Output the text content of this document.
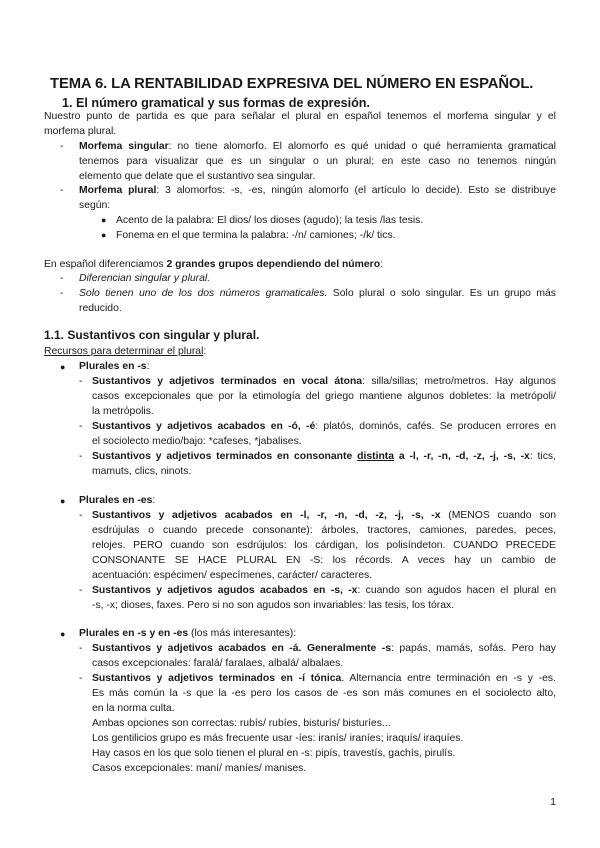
TEMA 6. LA RENTABILIDAD EXPRESIVA DEL NÚMERO EN ESPAÑOL.
1. El número gramatical y sus formas de expresión.
Nuestro punto de partida es que para señalar el plural en español tenemos el morfema singular y el
morfema plural.
- Morfema singular: no tiene alomorfo. El alomorfo es qué unidad o qué herramienta gramatical
tenemos para visualizar que es un singular o un plural; en este caso no tenemos ningún
elemento que delate que el sustantivo sea singular.
- Morfema plural: 3 alomorfos: -s, -es, ningún alomorfo (el artículo lo decide). Esto se distribuye
según:
● Acento de la palabra: El dios/ los dioses (agudo); la tesis /las tesis.
● Fonema en el que termina la palabra: -/n/ camiones; -/k/ tics.
En español diferenciamos 2 grandes grupos dependiendo del número:
- Diferencian singular y plural.
- Solo tienen uno de los dos números gramaticales. Solo plural o solo singular. Es un grupo más
reducido.
1.1. Sustantivos con singular y plural.
Recursos para determinar el plural:
● Plurales en -s:
- Sustantivos y adjetivos terminados en vocal átona: silla/sillas; metro/metros. Hay algunos
casos excepcionales que por la etimología del griego mantiene algunos dobletes: la metrópoli/
la metrópolis.
- Sustantivos y adjetivos acabados en -ó, -é: platós, dominós, cafés. Se producen errores en
el sociolecto medio/bajo: *cafeses, *jabalises.
- Sustantivos y adjetivos terminados en consonante distinta a -l, -r, -n, -d, -z, -j, -s, -x: tics,
mamuts, clics, ninots.
● Plurales en -es:
- Sustantivos y adjetivos acabados en -l, -r, -n, -d, -z, -j, -s, -x (MENOS cuando son
esdrújulas o cuando precede consonante): árboles, tractores, camiones, paredes, peces,
relojes. PERO cuando son esdrújulos: los cárdigan, los polisíndeton. CUANDO PRECEDE
CONSONANTE SE HACE PLURAL EN -S: los récords. A veces hay un cambio de
acentuación: espécimen/ especímenes, carácter/ caracteres.
- Sustantivos y adjetivos agudos acabados en -s, -x: cuando son agudos hacen el plural en
-s, -x; dioses, faxes. Pero si no son agudos son invariables: las tesis, los tórax.
● Plurales en -s y en -es (los más interesantes):
- Sustantivos y adjetivos acabados en -á. Generalmente -s: papás, mamás, sofás. Pero hay
casos excepcionales: faralá/ faralaes, albalá/ albalaes.
- Sustantivos y adjetivos terminados en -í tónica. Alternancia entre terminación en -s y -es.
Es más común la -s que la -es pero los casos de -es son más comunes en el sociolecto alto,
en la norma culta.
Ambas opciones son correctas: rubís/ rubíes, bisturís/ bisturíes...
Los gentilicios grupo es más frecuente usar -íes: iranís/ iraníes; iraquís/ iraquíes.
Hay casos en los que solo tienen el plural en -s: pipís, travestís, gachís, pirulís.
Casos excepcionales: maní/ maníes/ manises.
1
